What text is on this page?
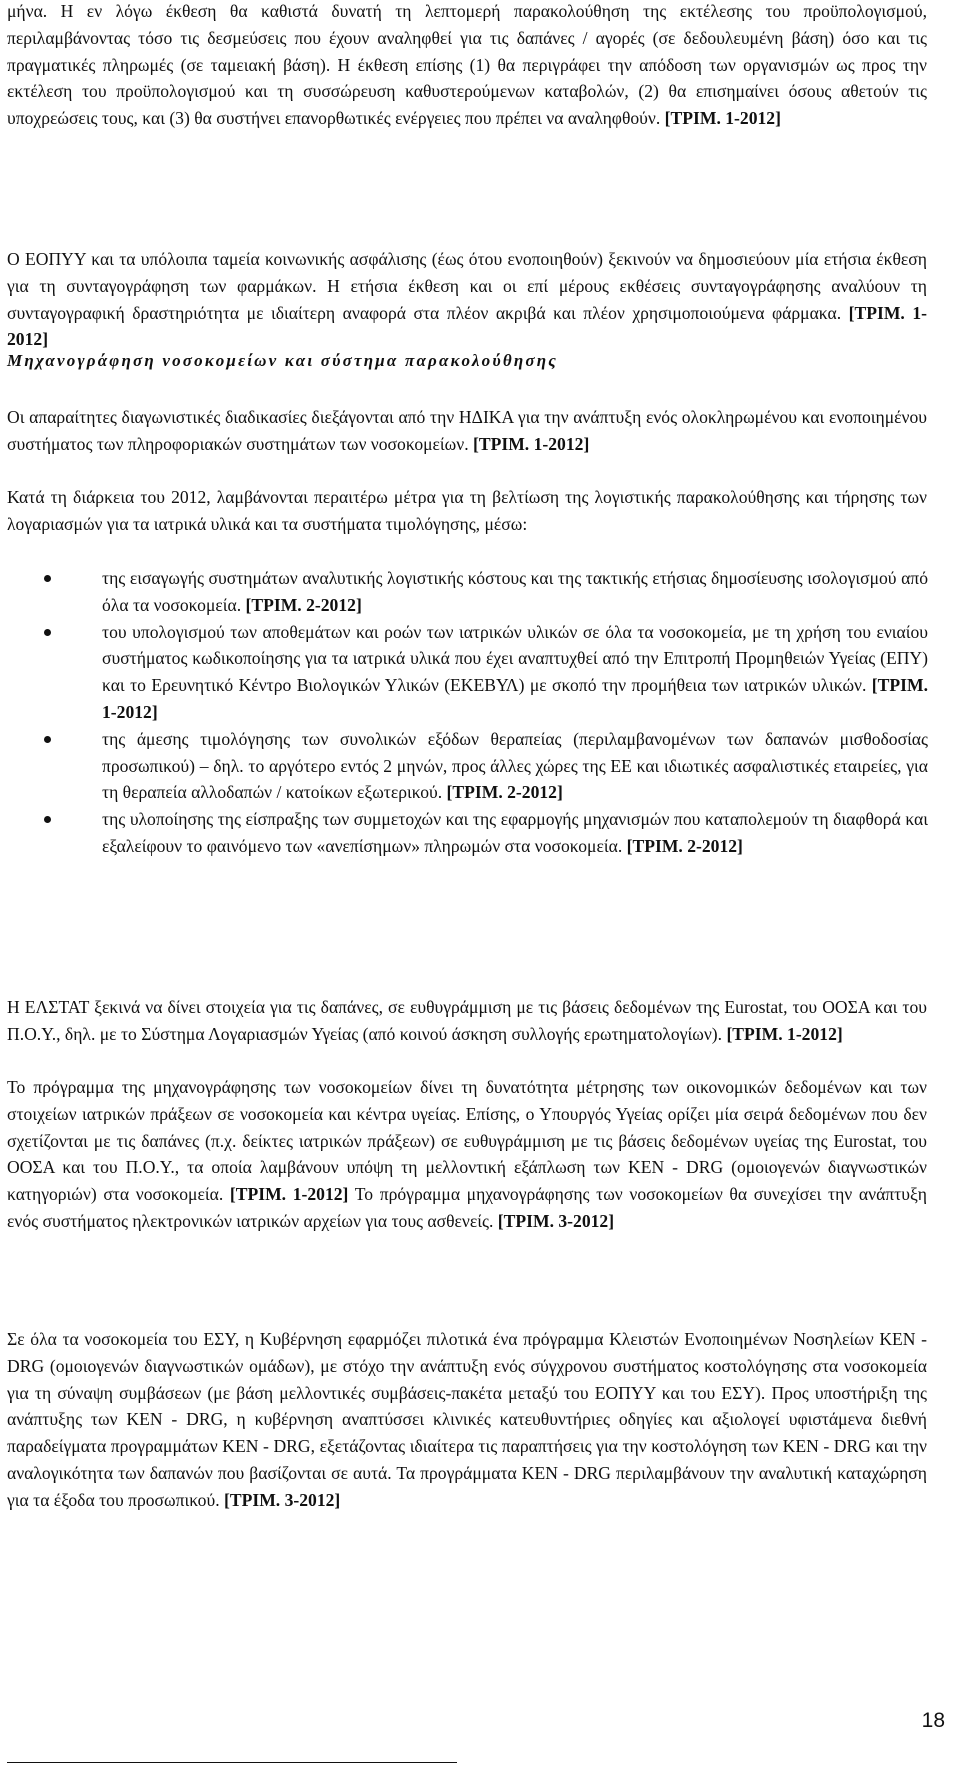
μήνα. Η εν λόγω έκθεση θα καθιστά δυνατή τη λεπτομερή παρακολούθηση της εκτέλεσης του προϋπολογισμού, περιλαμβάνοντας τόσο τις δεσμεύσεις που έχουν αναληφθεί για τις δαπάνες / αγορές (σε δεδουλευμένη βάση) όσο και τις πραγματικές πληρωμές (σε ταμειακή βάση). Η έκθεση επίσης (1) θα περιγράφει την απόδοση των οργανισμών ως προς την εκτέλεση του προϋπολογισμού και τη συσσώρευση καθυστερούμενων καταβολών, (2) θα επισημαίνει όσους αθετούν τις υποχρεώσεις τους, και (3) θα συστήνει επανορθωτικές ενέργειες που πρέπει να αναληφθούν. [ΤΡΙΜ. 1-2012]

Ο ΕΟΠΥΥ και τα υπόλοιπα ταμεία κοινωνικής ασφάλισης (έως ότου ενοποιηθούν) ξεκινούν να δημοσιεύουν μία ετήσια έκθεση για τη συνταγογράφηση των φαρμάκων. Η ετήσια έκθεση και οι επί μέρους εκθέσεις συνταγογράφησης αναλύουν τη συνταγογραφική δραστηριότητα με ιδιαίτερη αναφορά στα πλέον ακριβά και πλέον χρησιμοποιούμενα φάρμακα. [ΤΡΙΜ. 1-2012]

Μηχανογράφηση νοσοκομείων και σύστημα παρακολούθησης

Οι απαραίτητες διαγωνιστικές διαδικασίες διεξάγονται από την ΗΔΙΚΑ για την ανάπτυξη ενός ολοκληρωμένου και ενοποιημένου συστήματος των πληροφοριακών συστημάτων των νοσοκομείων. [ΤΡΙΜ. 1-2012]

Κατά τη διάρκεια του 2012, λαμβάνονται περαιτέρω μέτρα για τη βελτίωση της λογιστικής παρακολούθησης και τήρησης των λογαριασμών για τα ιατρικά υλικά και τα συστήματα τιμολόγησης, μέσω:

της εισαγωγής συστημάτων αναλυτικής λογιστικής κόστους και της τακτικής ετήσιας δημοσίευσης ισολογισμού από όλα τα νοσοκομεία. [ΤΡΙΜ. 2-2012]
του υπολογισμού των αποθεμάτων και ροών των ιατρικών υλικών σε όλα τα νοσοκομεία, με τη χρήση του ενιαίου συστήματος κωδικοποίησης για τα ιατρικά υλικά που έχει αναπτυχθεί από την Επιτροπή Προμηθειών Υγείας (ΕΠΥ) και το Ερευνητικό Κέντρο Βιολογικών Υλικών (ΕΚΕΒΥΛ) με σκοπό την προμήθεια των ιατρικών υλικών. [ΤΡΙΜ. 1-2012]
της άμεσης τιμολόγησης των συνολικών εξόδων θεραπείας (περιλαμβανομένων των δαπανών μισθοδοσίας προσωπικού) – δηλ. το αργότερο εντός 2 μηνών, προς άλλες χώρες της ΕΕ και ιδιωτικές ασφαλιστικές εταιρείες, για τη θεραπεία αλλοδαπών / κατοίκων εξωτερικού. [ΤΡΙΜ. 2-2012]
της υλοποίησης της είσπραξης των συμμετοχών και της εφαρμογής μηχανισμών που καταπολεμούν τη διαφθορά και εξαλείφουν το φαινόμενο των «ανεπίσημων» πληρωμών στα νοσοκομεία. [ΤΡΙΜ. 2-2012]

Η ΕΛΣΤΑΤ ξεκινά να δίνει στοιχεία για τις δαπάνες, σε ευθυγράμμιση με τις βάσεις δεδομένων της Eurostat, του ΟΟΣΑ και του Π.Ο.Υ., δηλ. με το Σύστημα Λογαριασμών Υγείας (από κοινού άσκηση συλλογής ερωτηματολογίων). [ΤΡΙΜ. 1-2012]

Το πρόγραμμα της μηχανογράφησης των νοσοκομείων δίνει τη δυνατότητα μέτρησης των οικονομικών δεδομένων και των στοιχείων ιατρικών πράξεων σε νοσοκομεία και κέντρα υγείας. Επίσης, ο Υπουργός Υγείας ορίζει μία σειρά δεδομένων που δεν σχετίζονται με τις δαπάνες (π.χ. δείκτες ιατρικών πράξεων) σε ευθυγράμμιση με τις βάσεις δεδομένων υγείας της Eurostat, του ΟΟΣΑ και του Π.Ο.Υ., τα οποία λαμβάνουν υπόψη τη μελλοντική εξάπλωση των ΚΕΝ - DRG (ομοιογενών διαγνωστικών κατηγοριών) στα νοσοκομεία. [ΤΡΙΜ. 1-2012] Το πρόγραμμα μηχανογράφησης των νοσοκομείων θα συνεχίσει την ανάπτυξη ενός συστήματος ηλεκτρονικών ιατρικών αρχείων για τους ασθενείς. [ΤΡΙΜ. 3-2012]

Σε όλα τα νοσοκομεία του ΕΣΥ, η Κυβέρνηση εφαρμόζει πιλοτικά ένα πρόγραμμα Κλειστών Ενοποιημένων Νοσηλείων ΚΕΝ - DRG (ομοιογενών διαγνωστικών ομάδων), με στόχο την ανάπτυξη ενός σύγχρονου συστήματος κοστολόγησης στα νοσοκομεία για τη σύναψη συμβάσεων (με βάση μελλοντικές συμβάσεις-πακέτα μεταξύ του ΕΟΠΥΥ και του ΕΣΥ). Προς υποστήριξη της ανάπτυξης των ΚΕΝ - DRG, η κυβέρνηση αναπτύσσει κλινικές κατευθυντήριες οδηγίες και αξιολογεί υφιστάμενα διεθνή παραδείγματα προγραμμάτων ΚΕΝ - DRG, εξετάζοντας ιδιαίτερα τις παραπτήσεις για την κοστολόγηση των ΚΕΝ - DRG και την αναλογικότητα των δαπανών που βασίζονται σε αυτά. Τα προγράμματα ΚΕΝ - DRG περιλαμβάνουν την αναλυτική καταχώρηση για τα έξοδα του προσωπικού. [ΤΡΙΜ. 3-2012]

18
